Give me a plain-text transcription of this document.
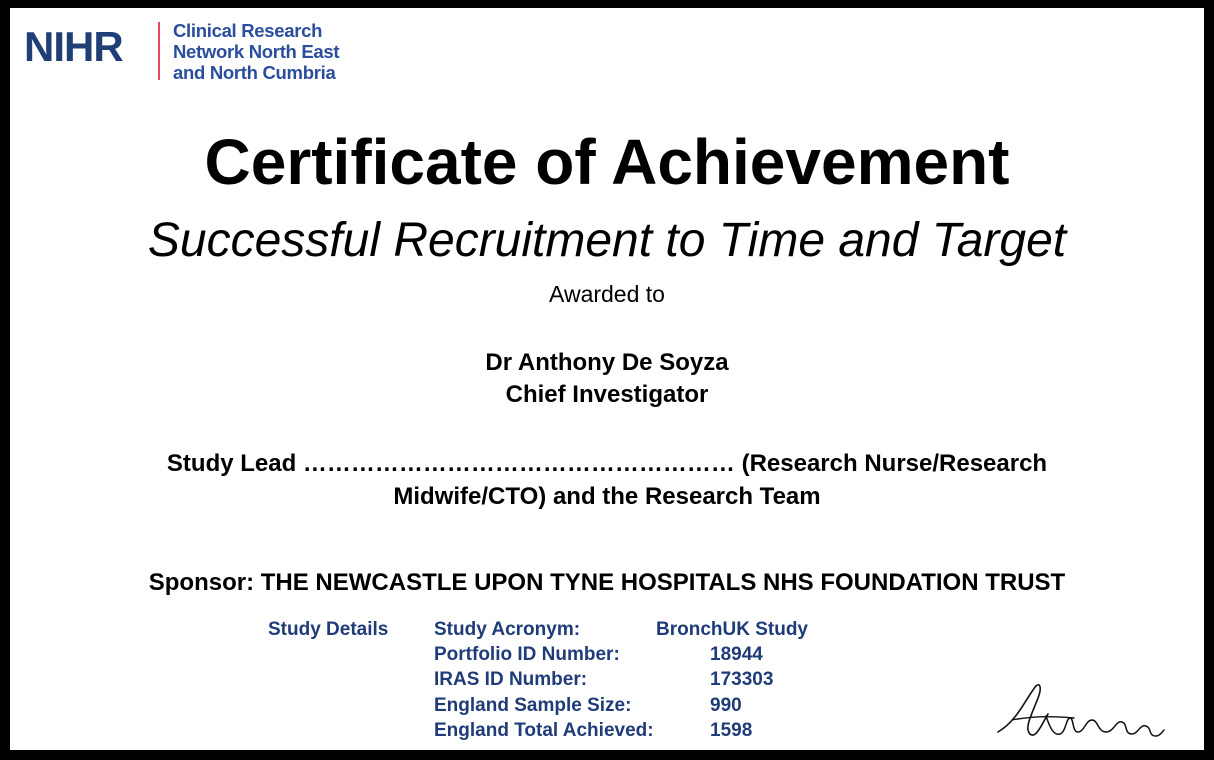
NIHR	Clinical Research
Network North East
and North Cumbria
Certificate of Achievement
Successful Recruitment to Time and Target
Awarded to
Dr Anthony De Soyza
Chief Investigator
Study Lead ……………………………………………… (Research Nurse/Research
Midwife/CTO) and the Research Team
Sponsor: THE NEWCASTLE UPON TYNE HOSPITALS NHS FOUNDATION TRUST
Study Details Study Acronym:	BronchUK Study
Portfolio ID Number:	18944
IRAS ID Number:	173303
England Sample Size:	990
England Total Achieved:	1598
